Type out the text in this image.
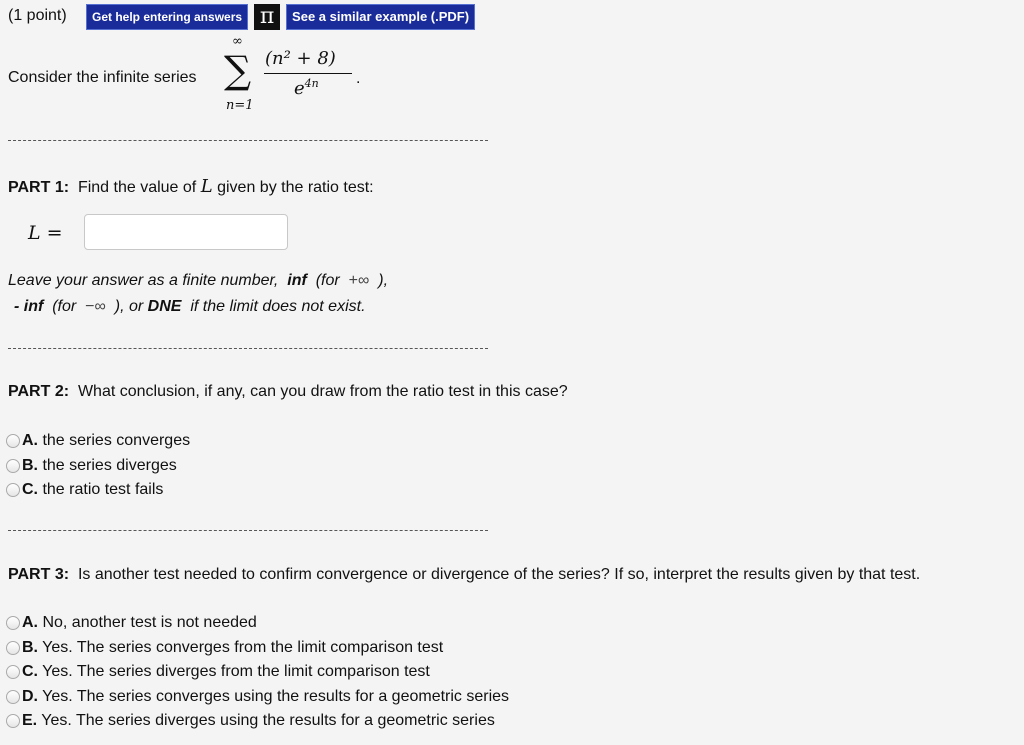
(1 point)	Get help entering answers π	See a similar example (.PDF)
Consider the infinite series
∞
∑
n=1
(n² + 8)
$e^{4n}$ .
PART 1: Find the value of L given by the ratio test:
L =
Leave your answer as a finite number, inf (for +∞ ),
- inf (for −∞ ), or DNE if the limit does not exist.
PART 2: What conclusion, if any, can you draw from the ratio test in this case?
A. the series converges
B. the series diverges
C. the ratio test fails
PART 3: Is another test needed to confirm convergence or divergence of the series? If so, interpret the results given by that test.
A. No, another test is not needed
B. Yes. The series converges from the limit comparison test
C. Yes. The series diverges from the limit comparison test
D. Yes. The series converges using the results for a geometric series
E. Yes. The series diverges using the results for a geometric series
